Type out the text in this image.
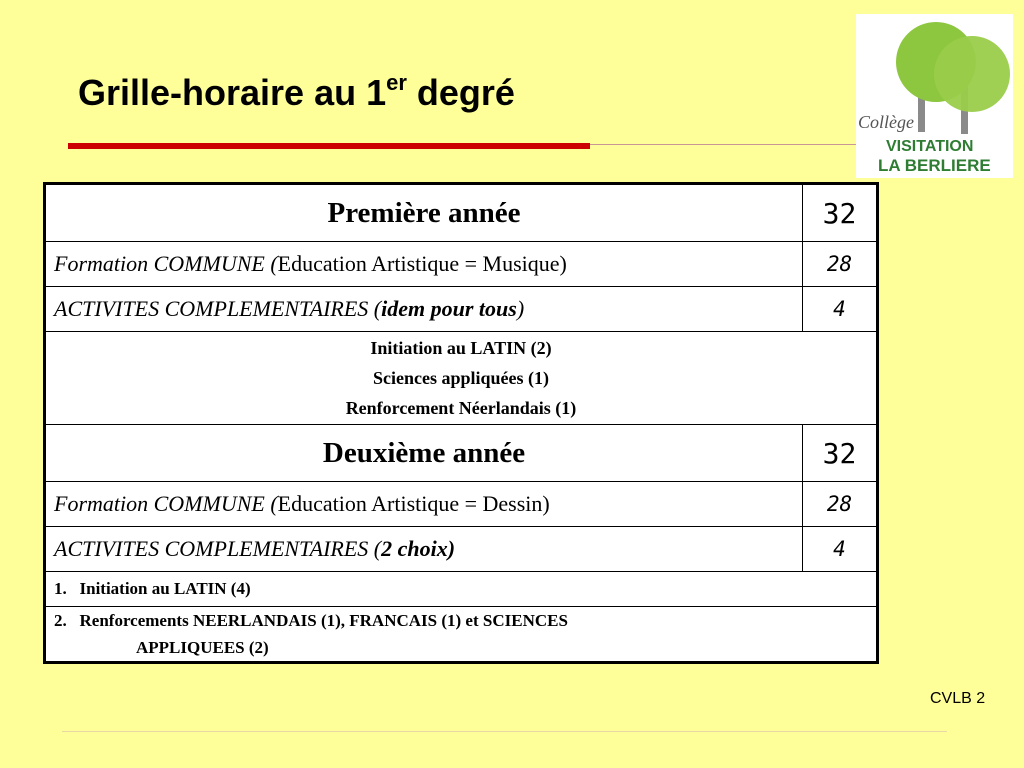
Grille-horaire au 1er degré
Collège
VISITATION
LA BERLIERE
Première année	32
Formation COMMUNE (Education Artistique = Musique)	28
ACTIVITES COMPLEMENTAIRES (idem pour tous)	4

Initiation au LATIN (2)
Sciences appliquées (1)
Renforcement Néerlandais (1)	

Deuxième année	32
Formation COMMUNE (Education Artistique = Dessin)	28
ACTIVITES COMPLEMENTAIRES (2 choix)	4
1. Initiation au LATIN (4)	
2. Renforcements NEERLANDAIS (1), FRANCAIS (1) et SCIENCES
APPLIQUEES (2)	
CVLB 2
